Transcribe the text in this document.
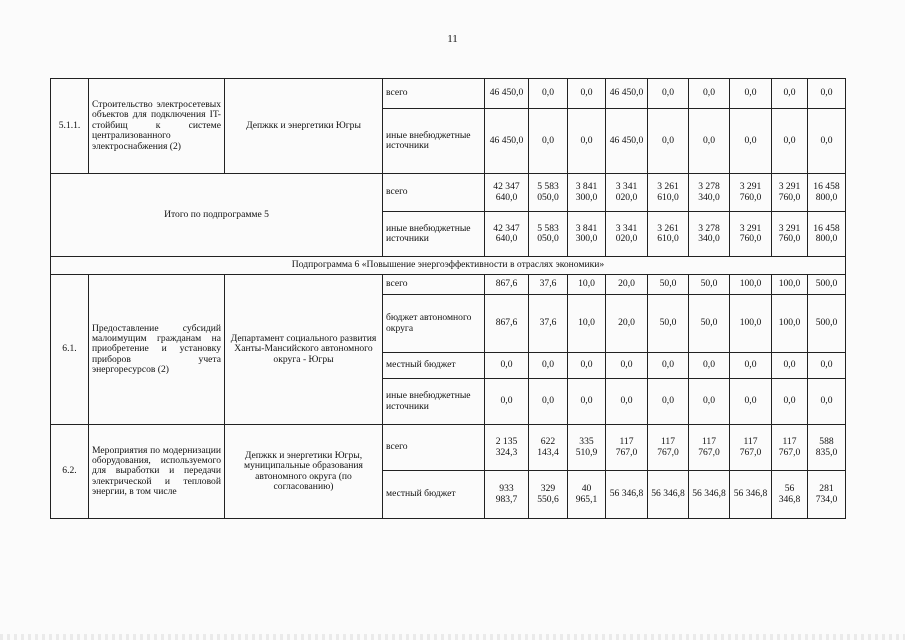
11
5.1.1.	Строительство электросетевых объектов для подключения IT-стойбищ к системе централизованного электроснабжения (2)	Депжкк и энергетики Югры	всего	46 450,0	0,0	0,0	46 450,0	0,0	0,0	0,0	0,0	0,0
			иные внебюджетные источники	46 450,0	0,0	0,0	46 450,0	0,0	0,0	0,0	0,0	0,0
Итого по подпрограмме 5			всего	42 347 640,0	5 583 050,0	3 841 300,0	3 341 020,0	3 261 610,0	3 278 340,0	3 291 760,0	3 291 760,0	16 458 800,0
			иные внебюджетные источники	42 347 640,0	5 583 050,0	3 841 300,0	3 341 020,0	3 261 610,0	3 278 340,0	3 291 760,0	3 291 760,0	16 458 800,0
Подпрограмма 6 «Повышение энергоэффективности в отраслях экономики»												
6.1.	Предоставление субсидий малоимущим гражданам на приобретение и установку приборов учета энергоресурсов (2)	Департамент социального развития Ханты-Мансийского автономного округа - Югры	всего	867,6	37,6	10,0	20,0	50,0	50,0	100,0	100,0	500,0
			бюджет автономного округа	867,6	37,6	10,0	20,0	50,0	50,0	100,0	100,0	500,0
			местный бюджет	0,0	0,0	0,0	0,0	0,0	0,0	0,0	0,0	0,0
			иные внебюджетные источники	0,0	0,0	0,0	0,0	0,0	0,0	0,0	0,0	0,0
6.2.	Мероприятия по модернизации оборудования, используемого для выработки и передачи электрической и тепловой энергии, в том числе	Депжкк и энергетики Югры, муниципальные образования автономного округа (по согласованию)	всего	2 135 324,3	622 143,4	335 510,9	117 767,0	117 767,0	117 767,0	117 767,0	117 767,0	588 835,0
			местный бюджет	933 983,7	329 550,6	40 965,1	56 346,8	56 346,8	56 346,8	56 346,8	56 346,8	281 734,0
